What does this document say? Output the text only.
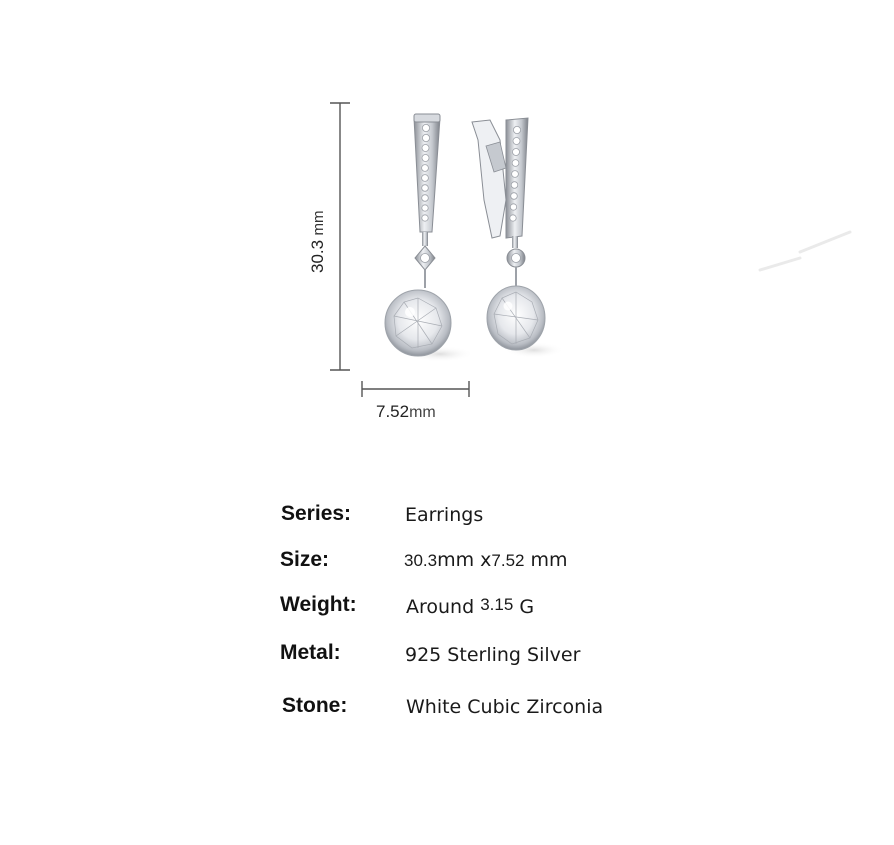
30.3 mm
7.52mm
Series:	Earrings
Size:	30.3mm x7.52 mm
Weight:	Around 3.15 G
Metal:	925 Sterling Silver
Stone:	White Cubic Zirconia
